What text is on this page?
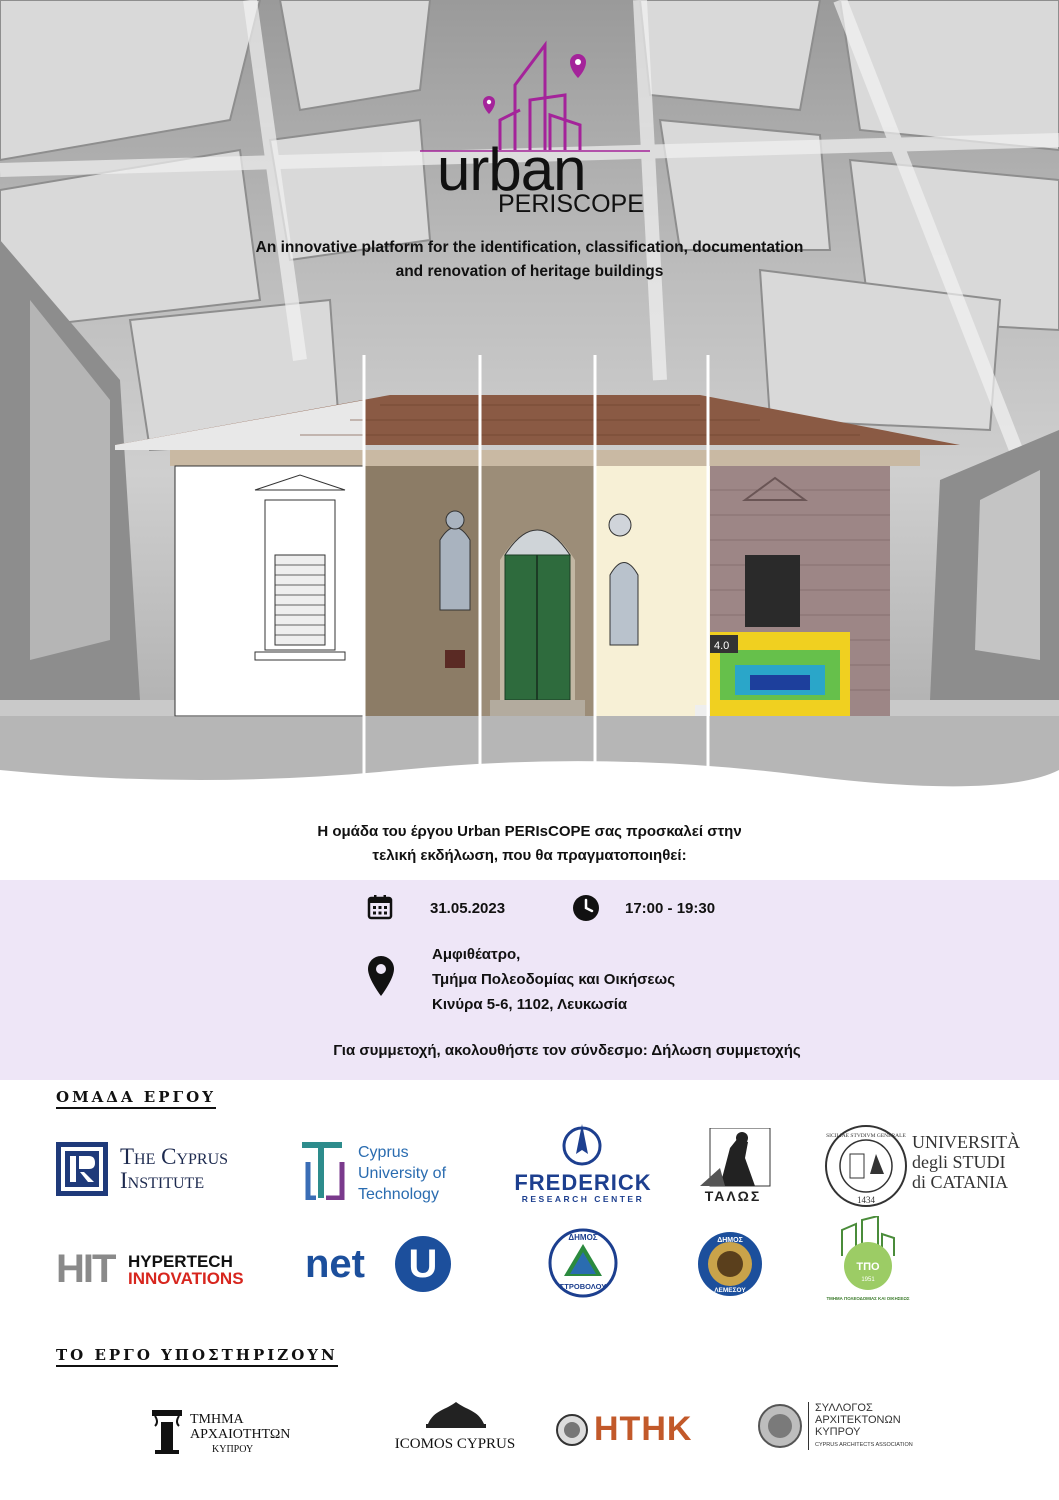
urban
PERISCOPE
An innovative platform for the identification, classification, documentation
and renovation of heritage buildings
4.0
Η ομάδα του έργου Urban PERIsCOPE σας προσκαλεί στην
τελική εκδήλωση, που θα πραγματοποιηθεί:
31.05.2023	17:00 - 19:30
Αμφιθέατρο,
Τμήμα Πολεοδομίας και Οικήσεως
Κινύρα 5-6, 1102, Λευκωσία
Για συμμετοχή, ακολουθήστε τον σύνδεσμο: Δήλωση συμμετοχής
ΟΜΑΔΑ ΕΡΓΟΥ
The Cyprus
Institute
Cyprus
University of
Technology	FREDERICK
RESEARCH CENTER	ΤΑΛΩΣ	1434
SICILIAE STVDIVM GENERALE UNIVERSITÀ
degli STUDI
di CATANIA
HIT HYPERTECH
INNOVATIONS net	U
ΔΗΜΟΣ
ΣΤΡΟΒΟΛΟΥ
ΔΗΜΟΣ
ΛΕΜΕΣΟΥ
ΤΠΟ
1951
ΤΜΗΜΑ ΠΟΛΕΟΔΟΜΙΑΣ ΚΑΙ ΟΙΚΗΣΕΩΣ
ΤΟ ΕΡΓΟ ΥΠΟΣΤΗΡΙΖΟΥΝ
ΤΜΗΜΑ
ΑΡΧΑΙΟΤΗΤΩΝ
ΚΥΠΡΟΥ	ICOMOS CYPRUS	ΗΤΗΚ
ΣΥΛΛΟΓΟΣ
ΑΡΧΙΤΕΚΤΟΝΩΝ
ΚΥΠΡΟΥ
CYPRUS ARCHITECTS ASSOCIATION
